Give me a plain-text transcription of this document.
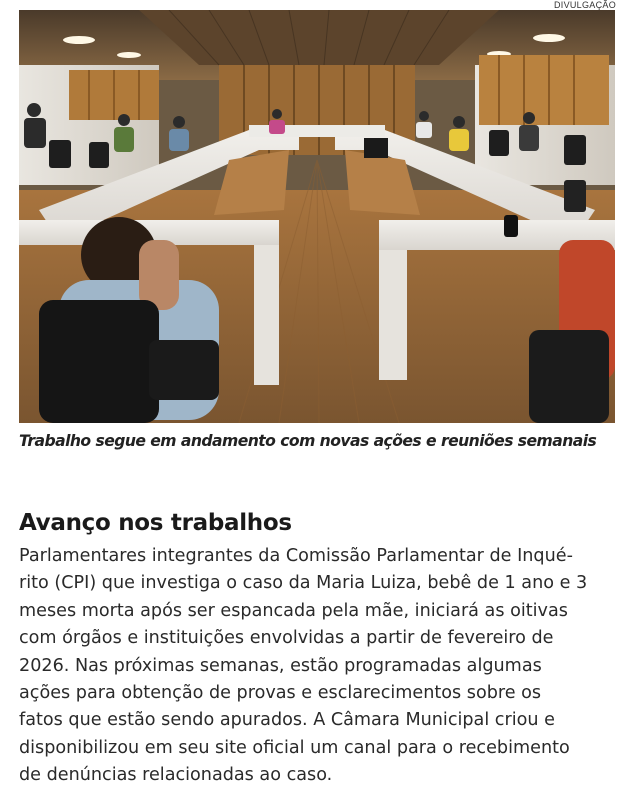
DIVULGAÇÃO
Trabalho segue em andamento com novas ações e reuniões semanais
Avanço nos trabalhos

Parlamentares integrantes da Comissão Parlamentar de Inqué-
rito (CPI) que investiga o caso da Maria Luiza, bebê de 1 ano e 3
meses morta após ser espancada pela mãe, iniciará as oitivas
com órgãos e instituições envolvidas a partir de fevereiro de
2026. Nas próximas semanas, estão programadas algumas
ações para obtenção de provas e esclarecimentos sobre os
fatos que estão sendo apurados. A Câmara Municipal criou e
disponibilizou em seu site oficial um canal para o recebimento
de denúncias relacionadas ao caso.
